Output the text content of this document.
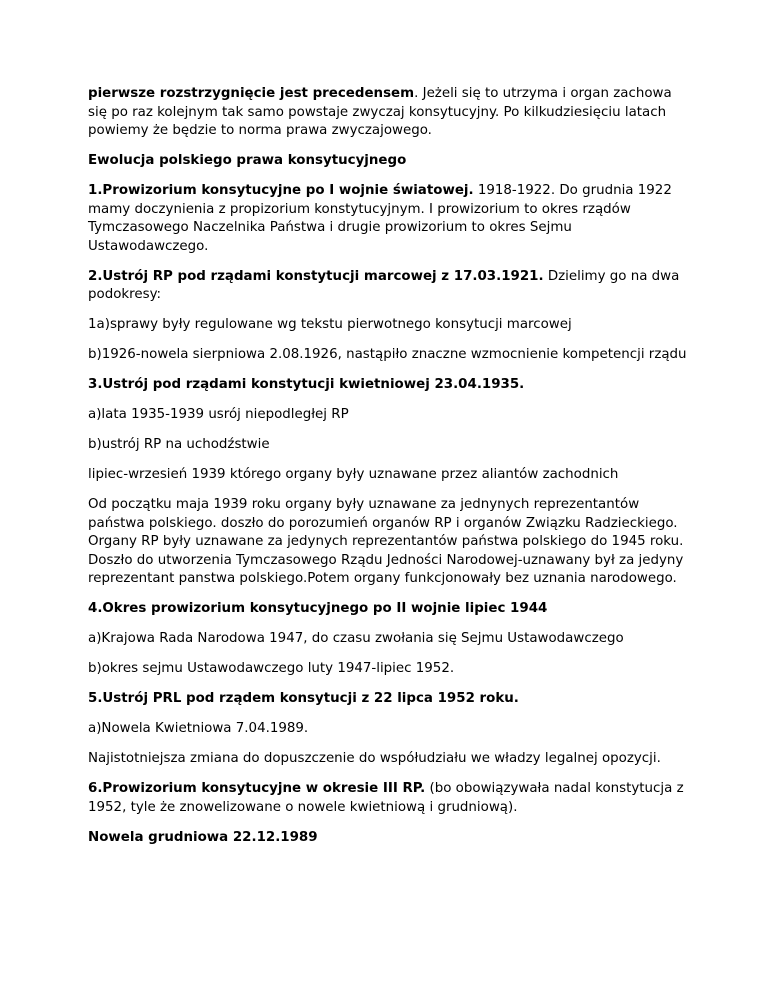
pierwsze rozstrzygnięcie jest precedensem. Jeżeli się to utrzyma i organ zachowa się po raz kolejnym tak samo powstaje zwyczaj konsytucyjny. Po kilkudziesięciu latach powiemy że będzie to norma prawa zwyczajowego.

Ewolucja polskiego prawa konsytucyjnego

1.Prowizorium konsytucyjne po I wojnie światowej. 1918-1922. Do grudnia 1922 mamy doczynienia z propizorium konstytucyjnym. I prowizorium to okres rządów Tymczasowego Naczelnika Państwa i drugie prowizorium to okres Sejmu Ustawodawczego.

2.Ustrój RP pod rządami konstytucji marcowej z 17.03.1921. Dzielimy go na dwa podokresy:

1a)sprawy były regulowane wg tekstu pierwotnego konsytucji marcowej

b)1926-nowela sierpniowa 2.08.1926, nastąpiło znaczne wzmocnienie kompetencji rządu

3.Ustrój pod rządami konstytucji kwietniowej 23.04.1935.

a)lata 1935-1939 usrój niepodległej RP

b)ustrój RP na uchodźstwie

lipiec-wrzesień 1939 którego organy były uznawane przez aliantów zachodnich

Od początku maja 1939 roku organy były uznawane za jednynych reprezentantów państwa polskiego. doszło do porozumień organów RP i organów Związku Radzieckiego. Organy RP były uznawane za jedynych reprezentantów państwa polskiego do 1945 roku. Doszło do utworzenia Tymczasowego Rządu Jedności Narodowej-uznawany był za jedyny reprezentant panstwa polskiego.Potem organy funkcjonowały bez uznania narodowego.

4.Okres prowizorium konsytucyjnego po II wojnie lipiec 1944

a)Krajowa Rada Narodowa 1947, do czasu zwołania się Sejmu Ustawodawczego

b)okres sejmu Ustawodawczego luty 1947-lipiec 1952.

5.Ustrój PRL pod rządem konsytucji z 22 lipca 1952 roku.

a)Nowela Kwietniowa 7.04.1989.

Najistotniejsza zmiana do dopuszczenie do współudziału we władzy legalnej opozycji.

6.Prowizorium konsytucyjne w okresie III RP. (bo obowiązywała nadal konstytucja z 1952, tyle że znowelizowane o nowele kwietniową i grudniową).

Nowela grudniowa 22.12.1989
